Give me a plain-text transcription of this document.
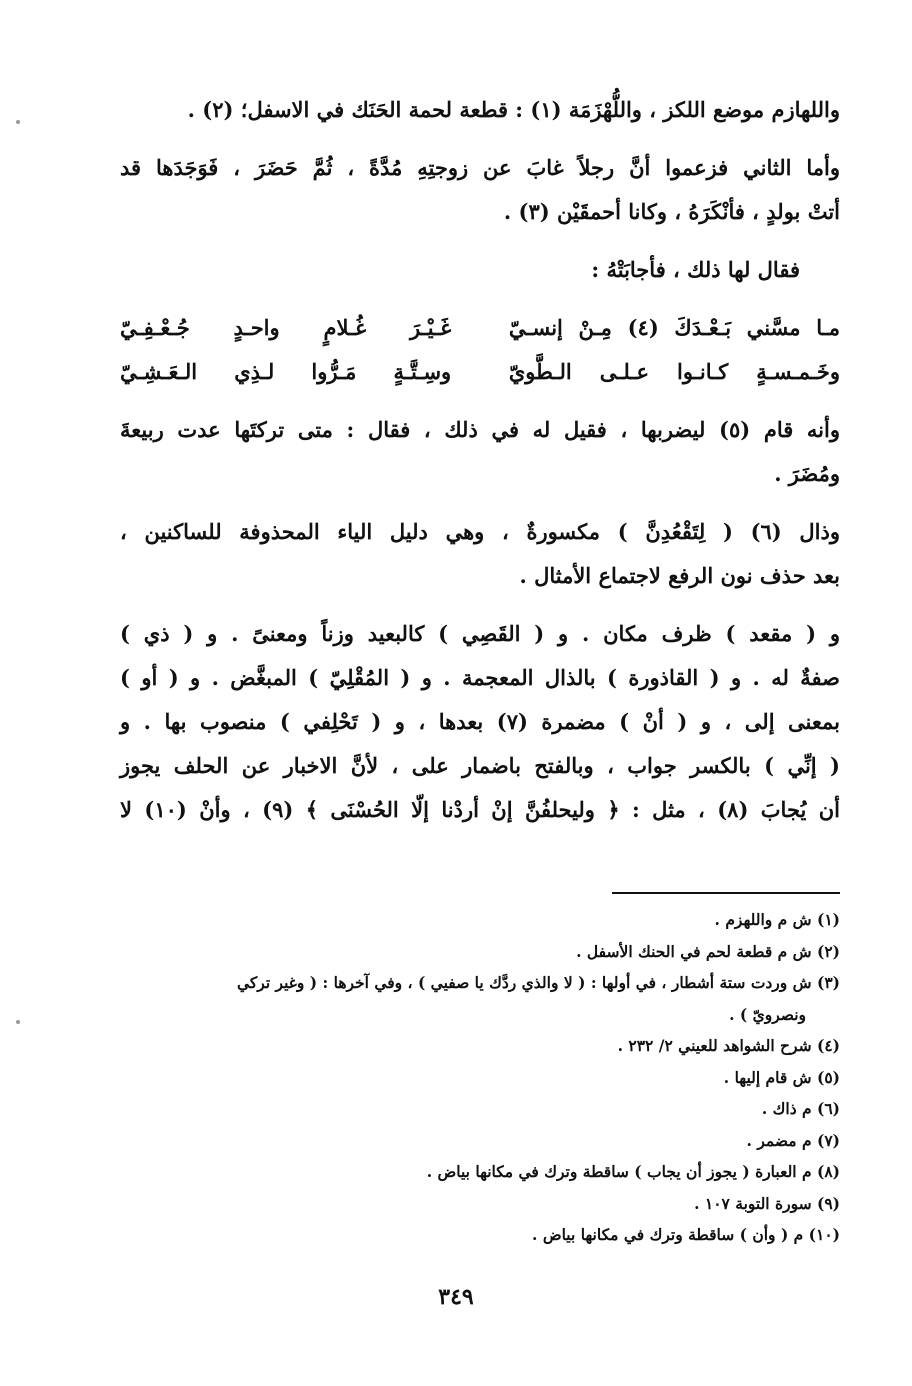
واللهازم موضع اللكز ، واللُّهْزَمَة (١) : قطعة لحمة الحَنَك في الاسفل؛ (٢) .

وأما الثاني فزعموا أنَّ رجلاً غابَ عن زوجتِهِ مُدَّةً ، ثُمَّ حَضَرَ ، فَوَجَدَها قد
أتتْ بولدٍ ، فأنْكَرَهُ ، وكانا أحمقَيْن (٣) .

فقال لها ذلك ، فأجابَتْهُ :

مـا مسَّني بَـعْـدَكَ (٤) مِـنْ إنسـيّ
غَـيْـرَ غُـلامٍ واحـدٍ جُـعْـفِـيّ
وخَـمـسـةٍ كـانـوا عـلـى الـطَّويّ
وسِـتَّـةٍ مَـرُّوا لـذِي الـعَـشِـيّ

وأنه قام (٥) ليضربها ، فقيل له في ذلك ، فقال : متى تركتَها عدت ربيعةَ
ومُضَرَ .

وذال (٦) ( لِتَقْعُدِنَّ ) مكسورةٌ ، وهي دليل الياء المحذوفة للساكنين ،
بعد حذف نون الرفع لاجتماع الأمثال .

و ( مقعد ) ظرف مكان . و ( القَصِي ) كالبعيد وزناً ومعنىً . و ( ذي )
صفةٌ له . و ( القاذورة ) بالذال المعجمة . و ( المُقْلِيّ ) المبغَّض . و ( أو )
بمعنى إلى ، و ( أنْ ) مضمرة (٧) بعدها ، و ( تَحْلِفي ) منصوب بها . و
( إنِّي ) بالكسر جواب ، وبالفتح باضمار على ، لأنَّ الاخبار عن الحلف يجوز
أن يُجابَ (٨) ، مثل : ﴿ وليحلفُنَّ إنْ أردْنا إلّا الحُسْنَى ﴾ (٩) ، وأنْ (١٠) لا

(١) ش م واللهزم .
(٢) ش م قطعة لحم في الحنك الأسفل .
(٣) ش وردت ستة أشطار ، في أولها : ( لا والذي ردَّك يا صفيي ) ، وفي آخرها : ( وغير تركي
ونصرويّ ) .
(٤) شرح الشواهد للعيني ٢/ ٢٣٢ .
(٥) ش قام إليها .
(٦) م ذاك .
(٧) م مضمر .
(٨) م العبارة ( يجوز أن يجاب ) ساقطة وترك في مكانها بياض .
(٩) سورة التوبة ١٠٧ .
(١٠) م ( وأن ) ساقطة وترك في مكانها بياض .
٣٤٩
